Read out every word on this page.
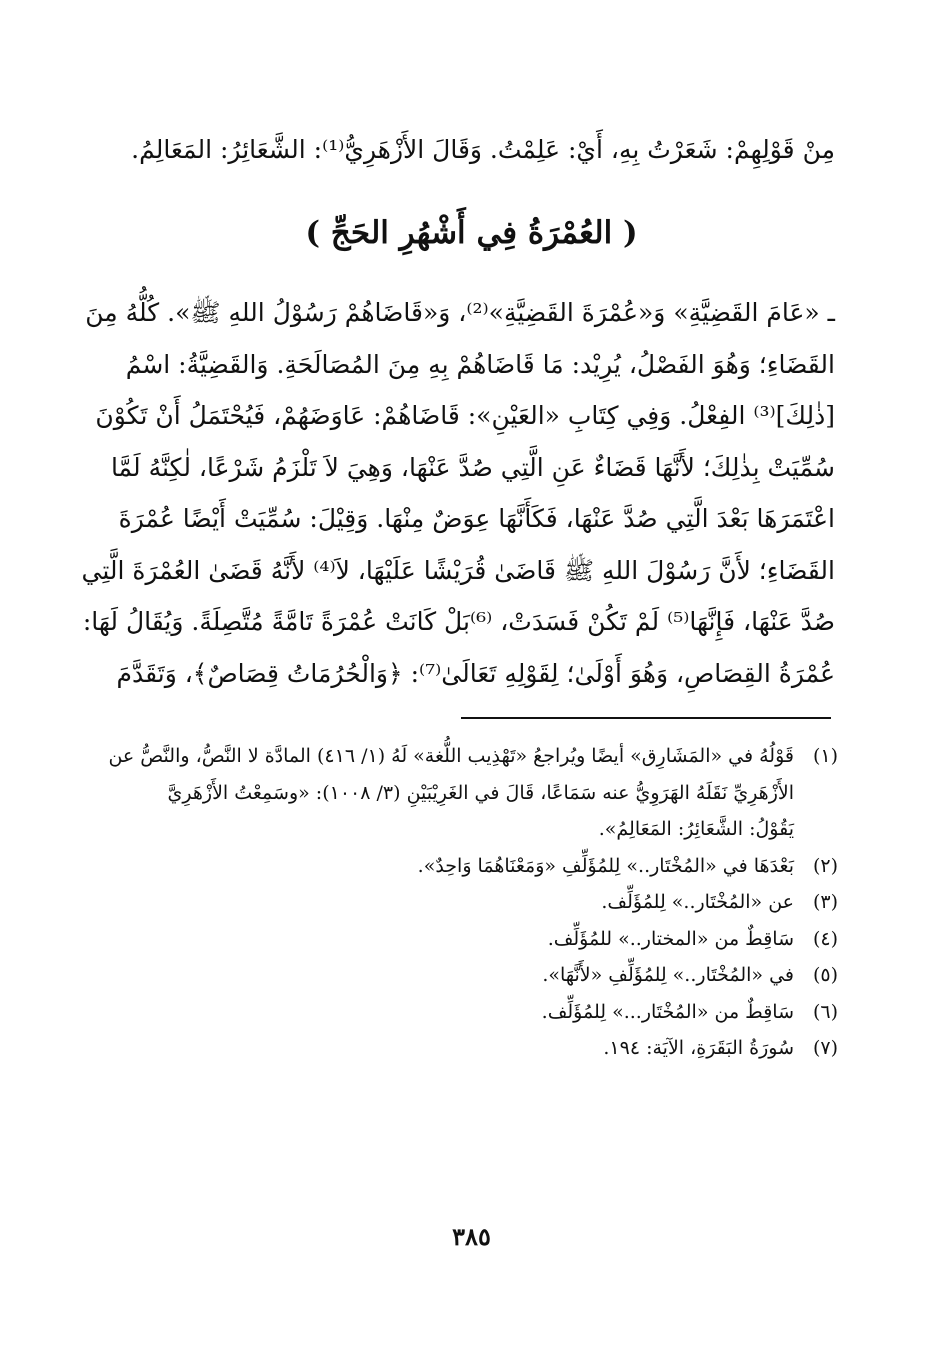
مِنْ قَوْلِهِمْ: شَعَرْتُ بِهِ، أَيْ: عَلِمْتُ. وَقَالَ الأَزْهَرِيُّ⁽¹⁾: الشَّعَائِرُ: المَعَالِمُ.
( العُمْرَةُ فِي أَشْهُرِ الحَجِّ )
ـ «عَامَ القَضِيَّةِ» وَ«عُمْرَةَ القَضِيَّةِ»⁽²⁾، وَ«قَاضَاهُمْ رَسُوْلُ اللهِ ﷺ». كُلُّهُ مِنَ
القَضَاءِ؛ وَهُوَ الفَصْلُ، يُرِيْد: مَا قَاضَاهُمْ بِهِ مِنَ المُصَالَحَةِ. وَالقَضِيَّةُ: اسْمُ
[ذٰلِكَ]⁽³⁾ الفِعْلُ. وَفِي كِتَابِ «العَيْنِ»: قَاضَاهُمْ: عَاوَضَهُمْ، فَيُحْتَمَلُ أَنْ تَكُوْنَ
سُمِّيَتْ بِذٰلِكَ؛ لأَنَّهَا قَضَاءٌ عَنِ الَّتِي صُدَّ عَنْهَا، وَهِيَ لاَ تَلْزَمُ شَرْعًا، لٰكِنَّهُ لَمَّا
اعْتَمَرَهَا بَعْدَ الَّتِي صُدَّ عَنْهَا، فَكَأَنَّهَا عِوَضٌ مِنْهَا. وَقِيْلَ: سُمِّيَتْ أَيْضًا عُمْرَةَ
القَضَاءِ؛ لأَنَّ رَسُوْلَ اللهِ ﷺ قَاضَىٰ قُرَيْشًا عَلَيْهَا، لاَ⁽⁴⁾ لأَنَّهُ قَضَىٰ العُمْرَةَ الَّتِي
صُدَّ عَنْهَا، فَإِنَّهَا⁽⁵⁾ لَمْ تَكُنْ فَسَدَتْ، ⁽⁶⁾بَلْ كَانَتْ عُمْرَةً تَامَّةً مُتَّصِلَةً. وَيُقَالُ لَهَا:
عُمْرَةُ القِصَاصِ، وَهُوَ أَوْلَىٰ؛ لِقَوْلِهِ تَعَالَىٰ⁽⁷⁾: ﴿وَالْحُرُمَاتُ قِصَاصٌ﴾، وَتَقَدَّمَ
(١)
قَوْلُهُ في «المَشَارِق» أيضًا ويُراجعُ «تَهْذِيب اللُّغة» لَهُ (١/ ٤١٦) المادَّة لا النَّصُّ، والنَّصُّ عن
الأَزْهَرِيِّ نَقَلَهُ الهَرَوِيُّ عنه سَمَاعًا، قَالَ في الغَرِيْبَيْنِ (٣/ ١٠٠٨): «وسَمِعْتُ الأَزْهَرِيَّ
يَقُوْلُ: الشَّعَائِرُ: المَعَالِمُ».
(٢)
بَعْدَهَا في «المُخْتَار..» لِلمُؤَلِّفِ «وَمَعْنَاهُمَا وَاحِدٌ».
(٣)
عن «المُخْتَار..» لِلمُؤَلِّف.
(٤)
سَاقِطٌ من «المختار..» للمُؤَلِّف.
(٥)
في «المُخْتَار..» لِلمُؤَلِّفِ «لأَنَّهَا».
(٦)
سَاقِطٌ من «المُخْتَار...» لِلمُؤَلِّف.
(٧)
سُورَةُ البَقَرَةِ، الآيَة: ١٩٤.
٣٨٥
